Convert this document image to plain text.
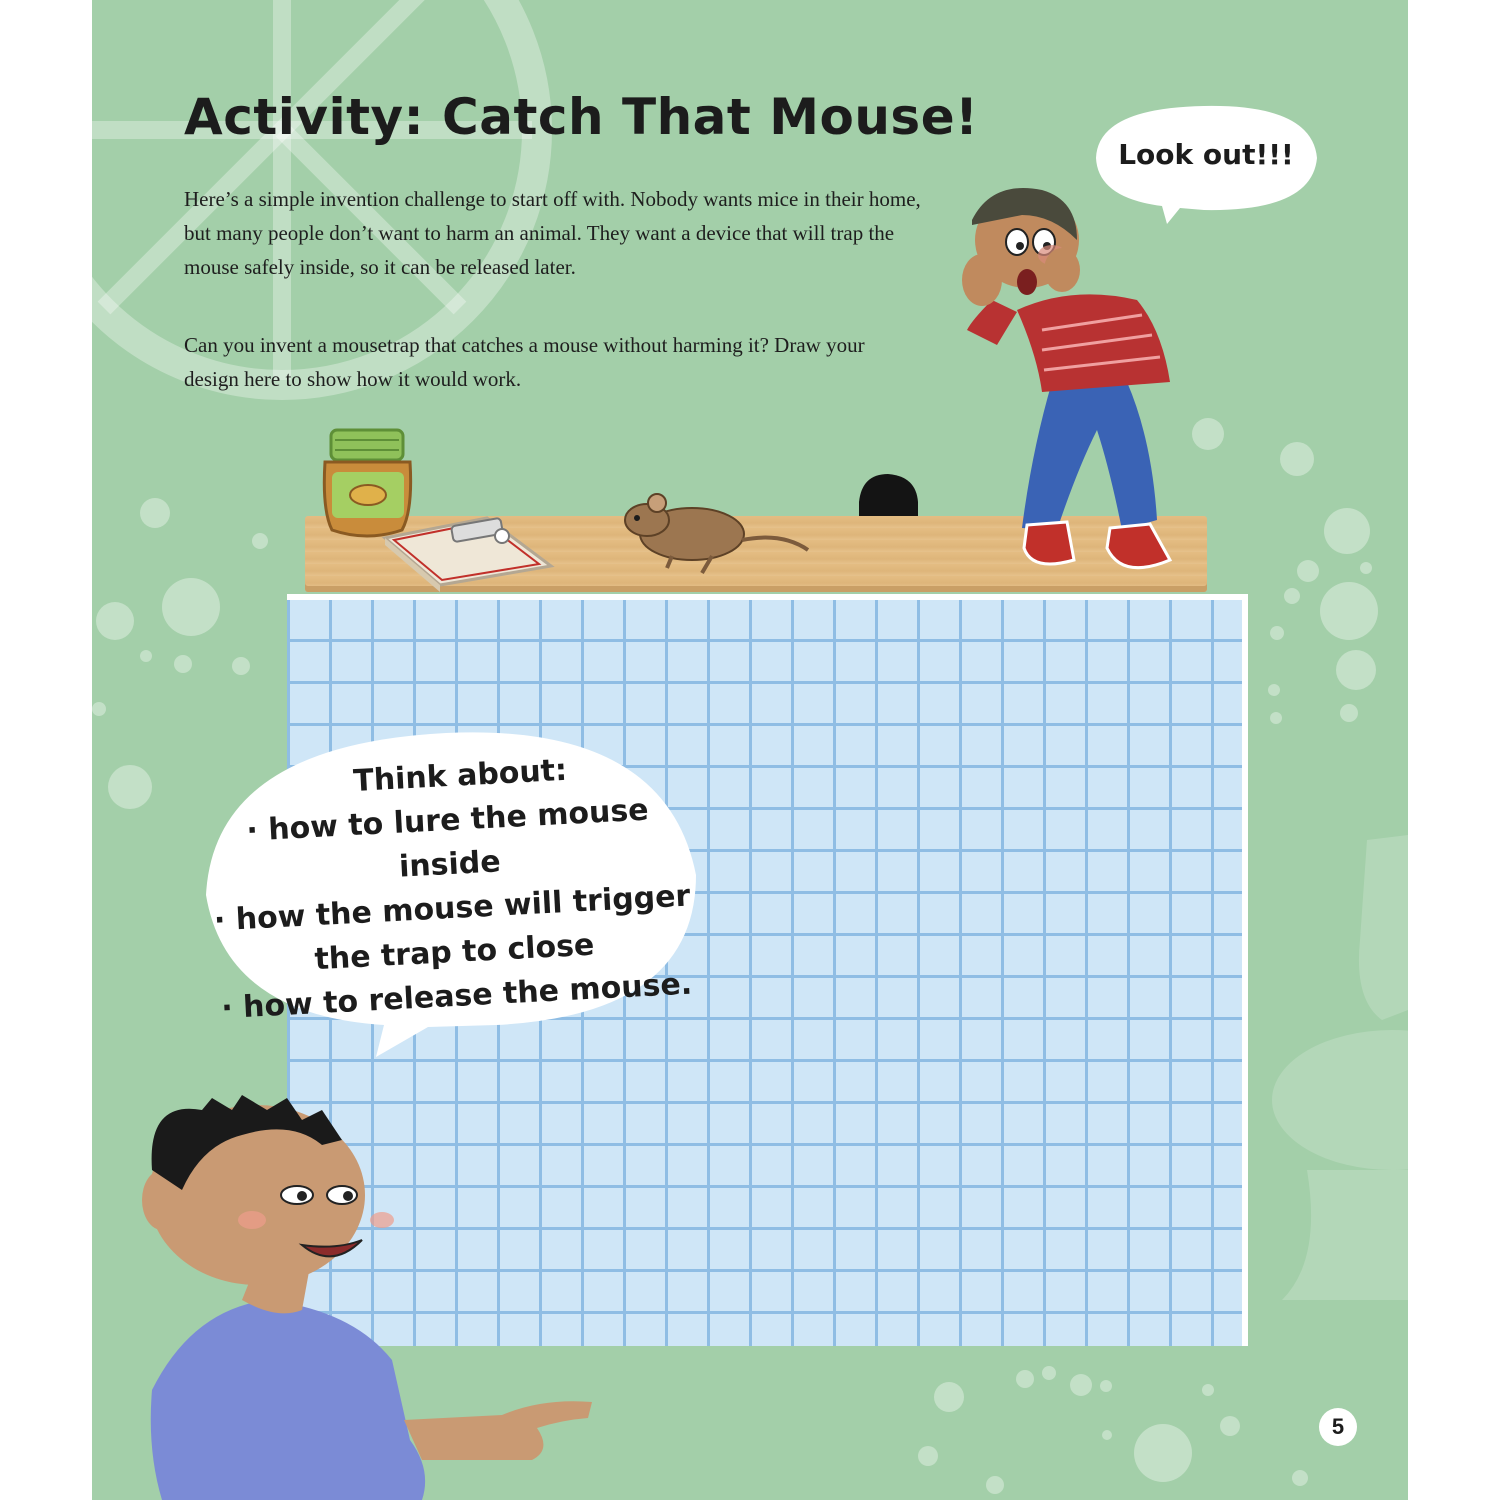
Activity: Catch That Mouse!

Here’s a simple invention challenge to start off with. Nobody wants mice in their home, but many people don’t want to harm an animal. They want a device that will trap the mouse safely inside, so it can be released later.

Can you invent a mousetrap that catches a mouse without harming it? Draw your design here to show how it would work.

Look out!!!
Think about:
· how to lure the mouse inside
· how the mouse will trigger the trap to close
· how to release the mouse.
5
